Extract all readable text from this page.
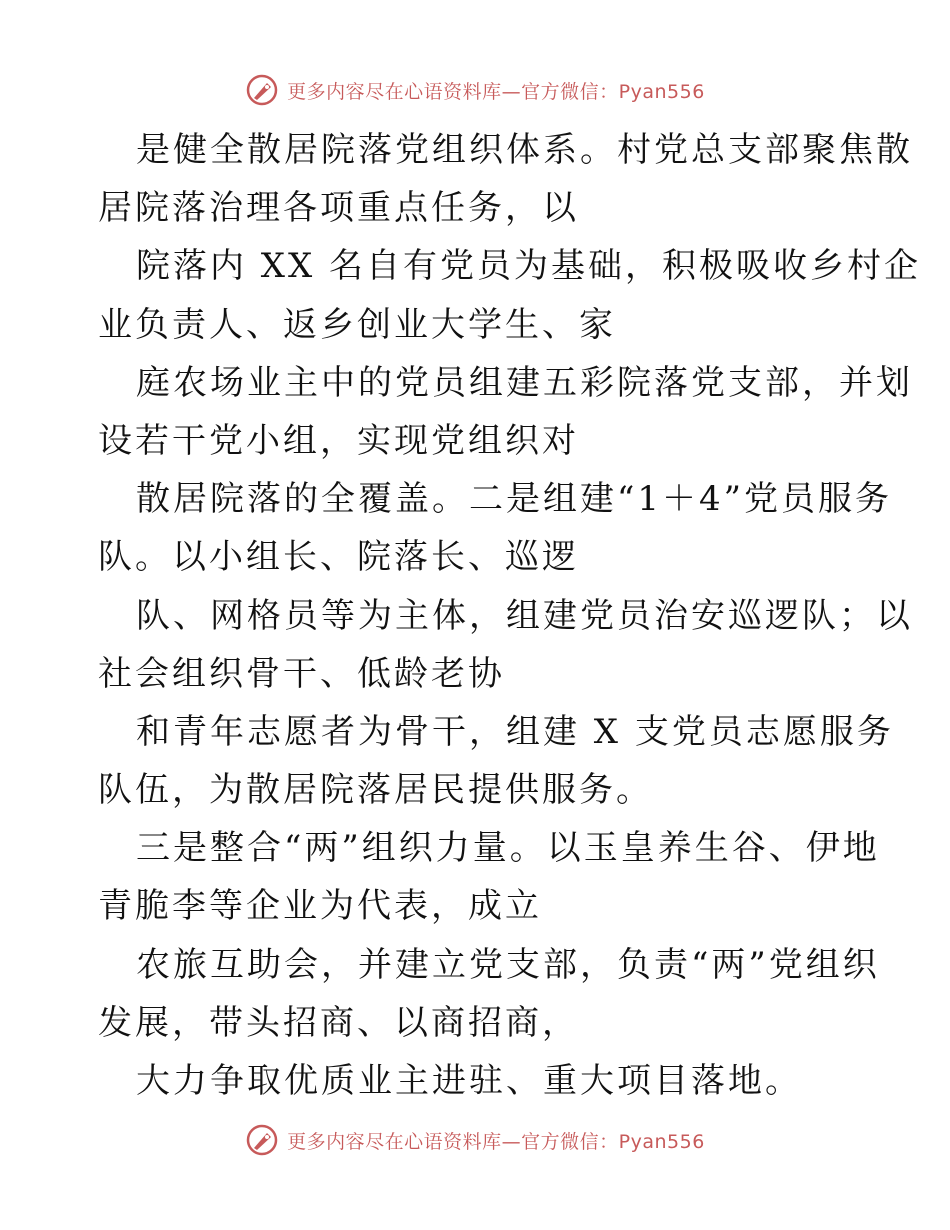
更多内容尽在心语资料库—官方微信：Pyan556
是健全散居院落党组织体系。村党总支部聚焦散
居院落治理各项重点任务，以
院落内 XX 名自有党员为基础，积极吸收乡村企
业负责人、返乡创业大学生、家
庭农场业主中的党员组建五彩院落党支部，并划
设若干党小组，实现党组织对
散居院落的全覆盖。二是组建“1＋4”党员服务
队。以小组长、院落长、巡逻
队、网格员等为主体，组建党员治安巡逻队；以
社会组织骨干、低龄老协
和青年志愿者为骨干，组建 X 支党员志愿服务
队伍，为散居院落居民提供服务。
三是整合“两”组织力量。以玉皇养生谷、伊地
青脆李等企业为代表，成立
农旅互助会，并建立党支部，负责“两”党组织
发展，带头招商、以商招商，
大力争取优质业主进驻、重大项目落地。
更多内容尽在心语资料库—官方微信：Pyan556
